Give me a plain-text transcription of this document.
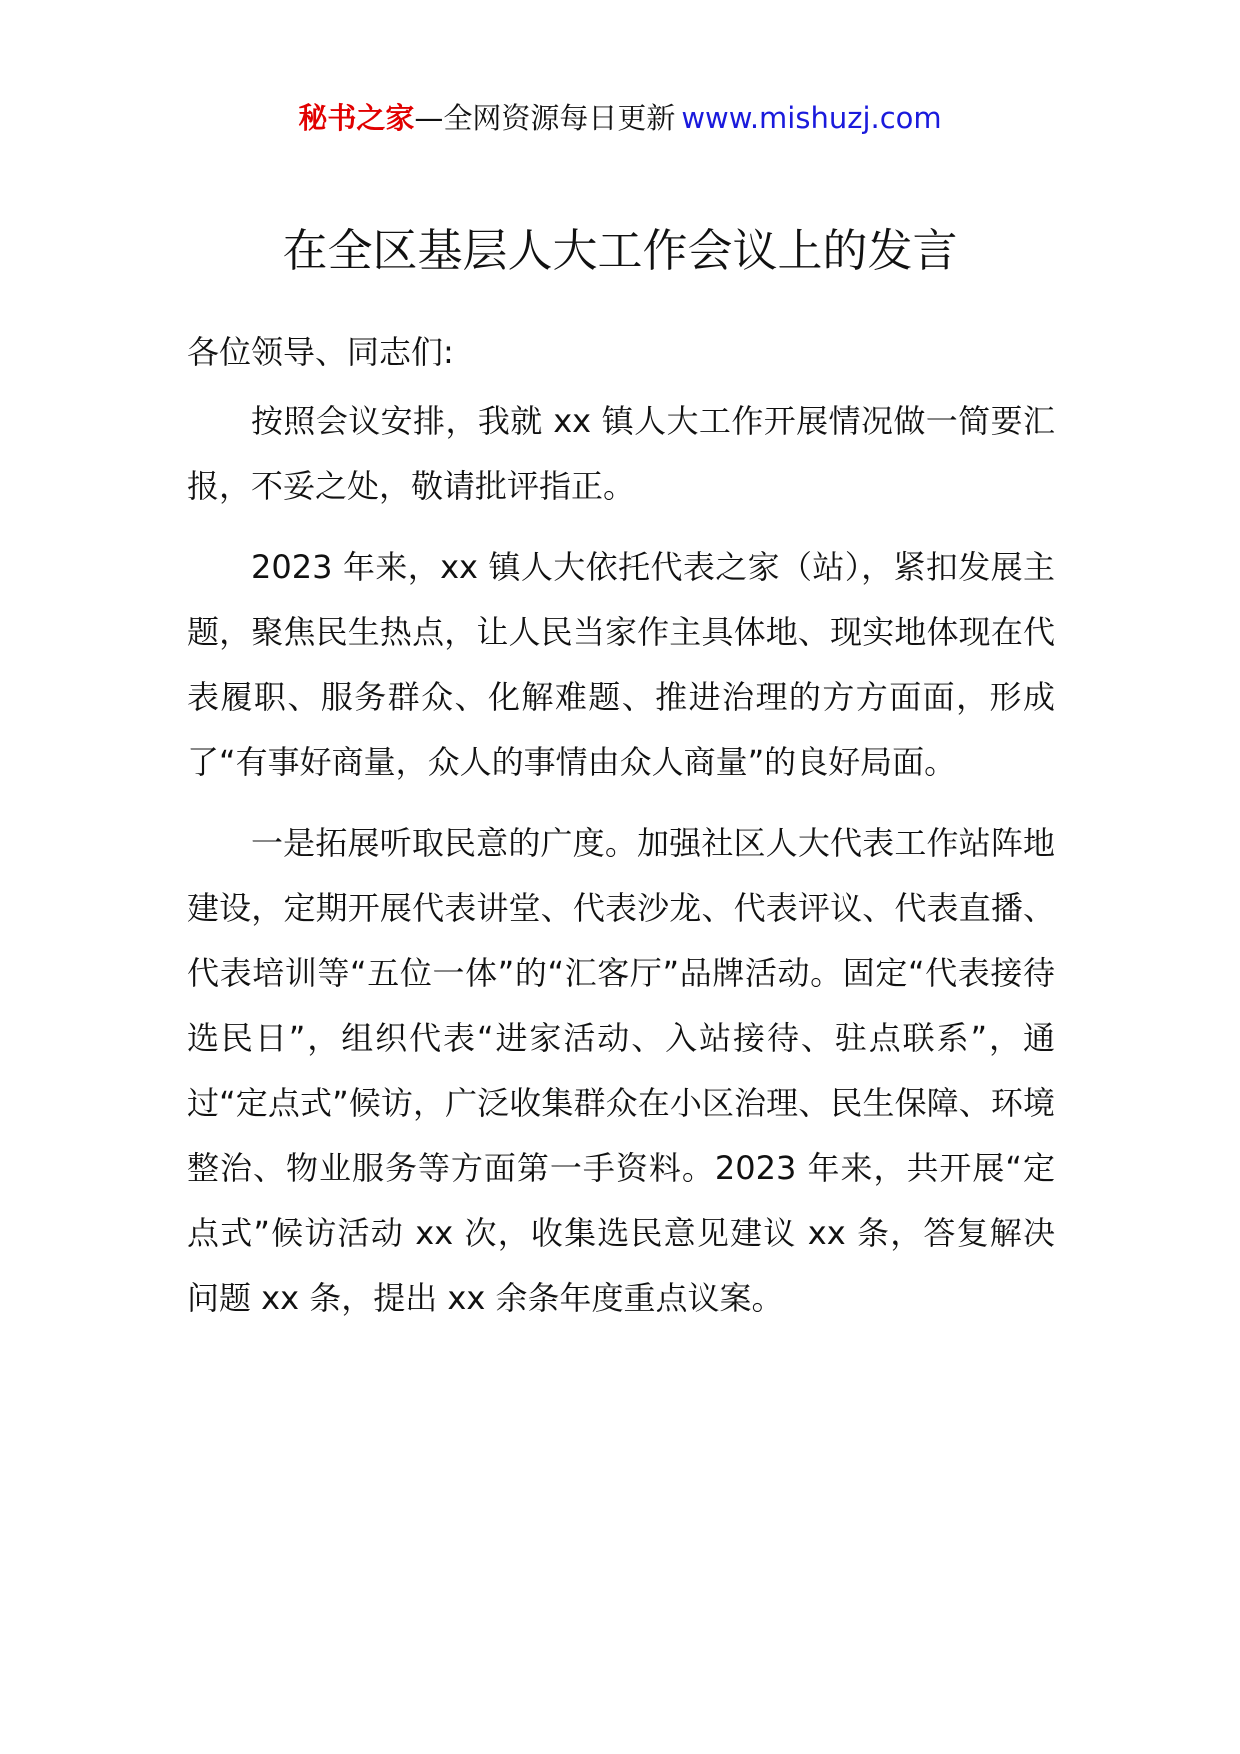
秘书之家—全网资源每日更新 www.mishuzj.com
在全区基层人大工作会议上的发言

各位领导、同志们:

按照会议安排，我就 xx 镇人大工作开展情况做一简要汇报，不妥之处，敬请批评指正。

2023 年来，xx 镇人大依托代表之家（站），紧扣发展主题，聚焦民生热点，让人民当家作主具体地、现实地体现在代表履职、服务群众、化解难题、推进治理的方方面面，形成了“有事好商量，众人的事情由众人商量”的良好局面。

一是拓展听取民意的广度。加强社区人大代表工作站阵地建设，定期开展代表讲堂、代表沙龙、代表评议、代表直播、代表培训等“五位一体”的“汇客厅”品牌活动。固定“代表接待选民日”，组织代表“进家活动、入站接待、驻点联系”，通过“定点式”候访，广泛收集群众在小区治理、民生保障、环境整治、物业服务等方面第一手资料。2023 年来，共开展“定点式”候访活动 xx 次，收集选民意见建议 xx 条，答复解决问题 xx 条，提出 xx 余条年度重点议案。
